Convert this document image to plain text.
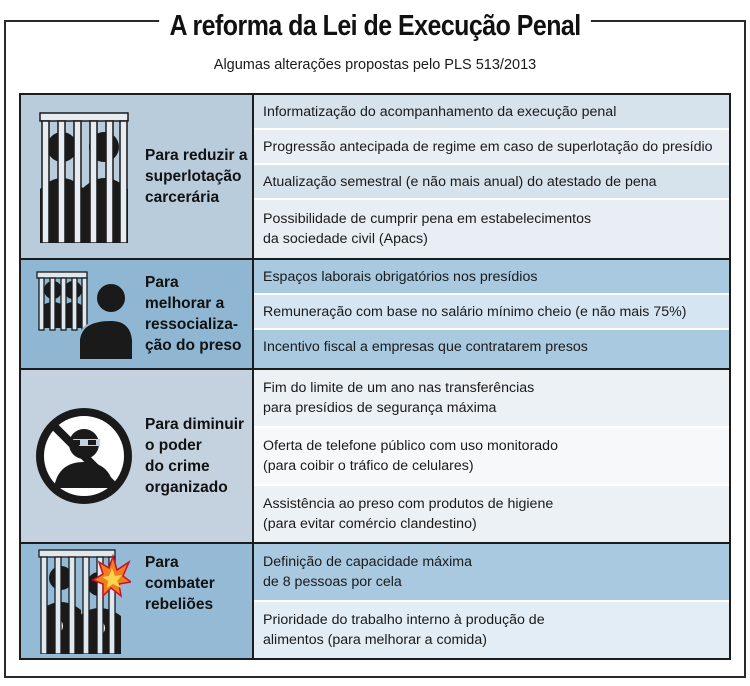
A reforma da Lei de Execução Penal
Algumas alterações propostas pelo PLS 513/2013
Para reduzir a
superlotação
carcerária
Informatização do acompanhamento da execução penal
Progressão antecipada de regime em caso de superlotação do presídio
Atualização semestral (e não mais anual) do atestado de pena
Possibilidade de cumprir pena em estabelecimentos
da sociedade civil (Apacs)
Para
melhorar a
ressocializa-
ção do preso
Espaços laborais obrigatórios nos presídios
Remuneração com base no salário mínimo cheio (e não mais 75%)
Incentivo fiscal a empresas que contratarem presos
Para diminuir
o poder
do crime
organizado
Fim do limite de um ano nas transferências
para presídios de segurança máxima
Oferta de telefone público com uso monitorado
(para coibir o tráfico de celulares)
Assistência ao preso com produtos de higiene
(para evitar comércio clandestino)
Para
combater
rebeliões
Definição de capacidade máxima
de 8 pessoas por cela
Prioridade do trabalho interno à produção de
alimentos (para melhorar a comida)
